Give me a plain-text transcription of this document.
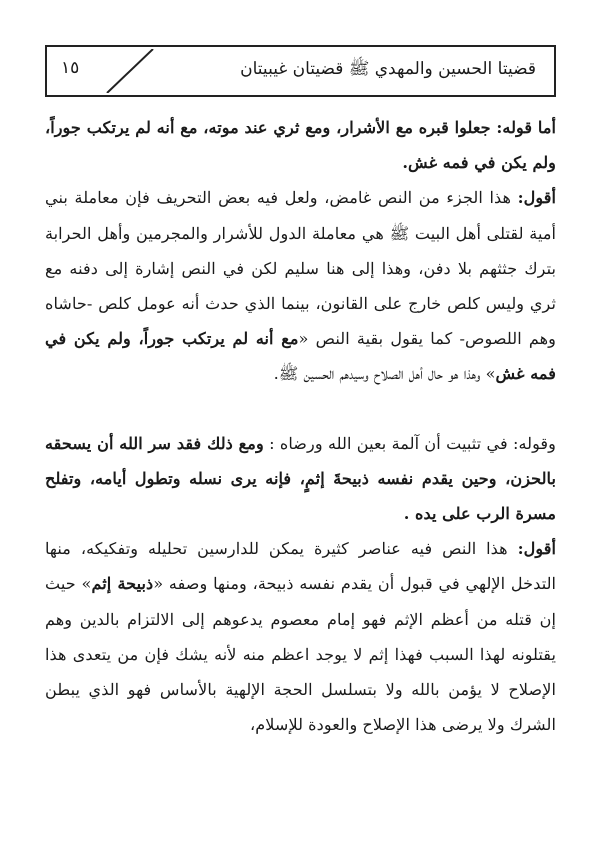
قضيتا الحسين والمهدي ﷺ قضيتان غيبيتان
١٥

أما قوله: جعلوا قبره مع الأشرار، ومع ثري عند موته، مع أنه لم يرتكب جوراً، ولم يكن في فمه غش.

أقول: هذا الجزء من النص غامض، ولعل فيه بعض التحريف فإن معاملة بني أمية لقتلى أهل البيت ﷺ هي معاملة الدول للأشرار والمجرمين وأهل الحرابة بترك جثثهم بلا دفن، وهذا إلى هنا سليم لكن في النص إشارة إلى دفنه مع ثري وليس كلص خارج على القانون، بينما الذي حدث أنه عومل كلص -حاشاه وهم اللصوص- كما يقول بقية النص «مع أنه لم يرتكب جوراً، ولم يكن في فمه غش» وهذا هو حال أهل الصلاح وسيدهم الحسين ﷺ.

وقوله: في تثبيت أن آلمة بعين الله ورضاه : ومع ذلك فقد سر الله أن يسحقه بالحزن، وحين يقدم نفسه ذبيحةَ إثمٍ، فإنه يرى نسله وتطول أيامه، وتفلح مسرة الرب على يده .

أقول: هذا النص فيه عناصر كثيرة يمكن للدارسين تحليله وتفكيكه، منها التدخل الإلهي في قبول أن يقدم نفسه ذبيحة، ومنها وصفه «ذبيحة إثم» حيث إن قتله من أعظم الإثم فهو إمام معصوم يدعوهم إلى الالتزام بالدين وهم يقتلونه لهذا السبب فهذا إثم لا يوجد اعظم منه لأنه يشك فإن من يتعدى هذا الإصلاح لا يؤمن بالله ولا بتسلسل الحجة الإلهية بالأساس فهو الذي يبطن الشرك ولا يرضى هذا الإصلاح والعودة للإسلام،
